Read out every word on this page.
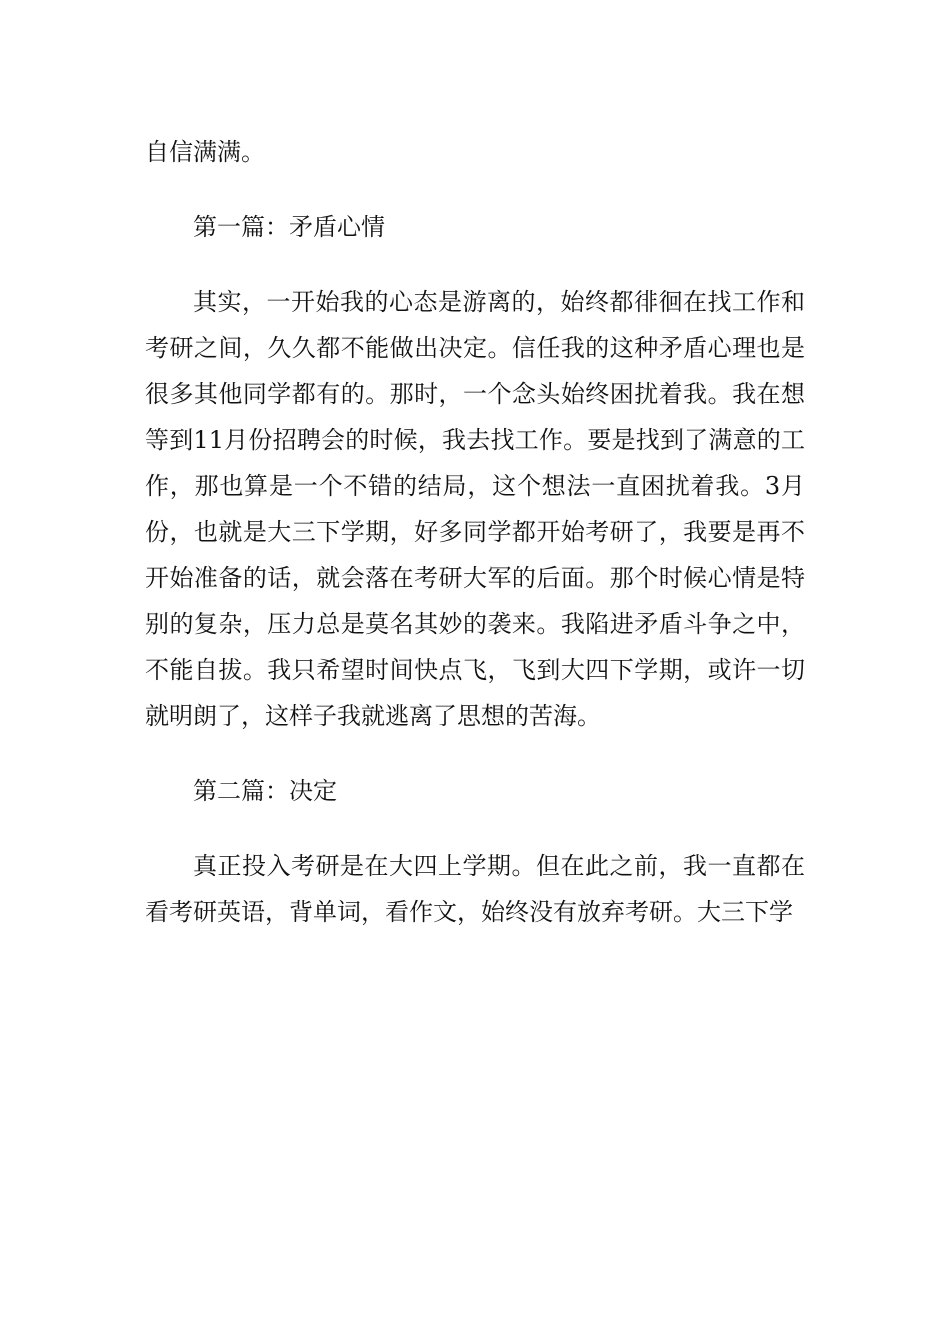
自信满满。

第一篇：矛盾心情

其实，一开始我的心态是游离的，始终都徘徊在找工作和考研之间，久久都不能做出决定。信任我的这种矛盾心理也是很多其他同学都有的。那时，一个念头始终困扰着我。我在想等到11月份招聘会的时候，我去找工作。要是找到了满意的工作，那也算是一个不错的结局，这个想法一直困扰着我。3月份，也就是大三下学期，好多同学都开始考研了，我要是再不开始准备的话，就会落在考研大军的后面。那个时候心情是特别的复杂，压力总是莫名其妙的袭来。我陷进矛盾斗争之中，不能自拔。我只希望时间快点飞，飞到大四下学期，或许一切就明朗了，这样子我就逃离了思想的苦海。

第二篇：决定

真正投入考研是在大四上学期。但在此之前，我一直都在看考研英语，背单词，看作文，始终没有放弃考研。大三下学
